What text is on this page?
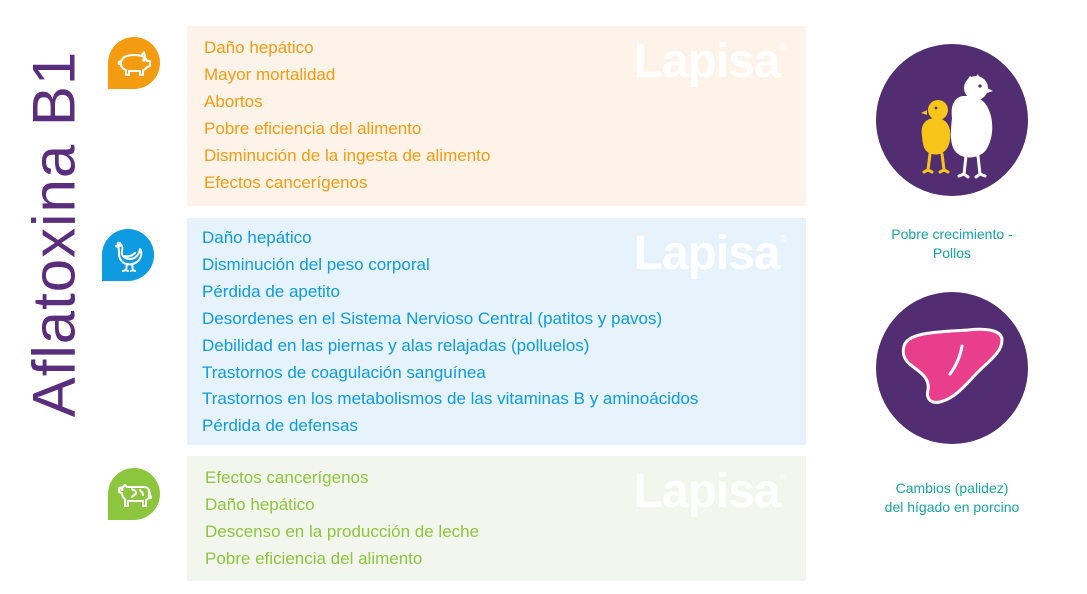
Aflatoxina B1	Lapisa®
Daño hepático
Mayor mortalidad
Abortos
Pobre eficiencia del alimento
Disminución de la ingesta de alimento
Efectos cancerígenos
Lapisa®
Daño hepático
Disminución del peso corporal
Pérdida de apetito
Desordenes en el Sistema Nervioso Central (patitos y pavos)
Debilidad en las piernas y alas relajadas (polluelos)
Trastornos de coagulación sanguínea
Trastornos en los metabolismos de las vitaminas B y aminoácidos
Pérdida de defensas
Lapisa®
Efectos cancerígenos
Daño hepático
Descenso en la producción de leche
Pobre eficiencia del alimento
Pobre crecimiento -
Pollos
Cambios (palidez)
del hígado en porcino
